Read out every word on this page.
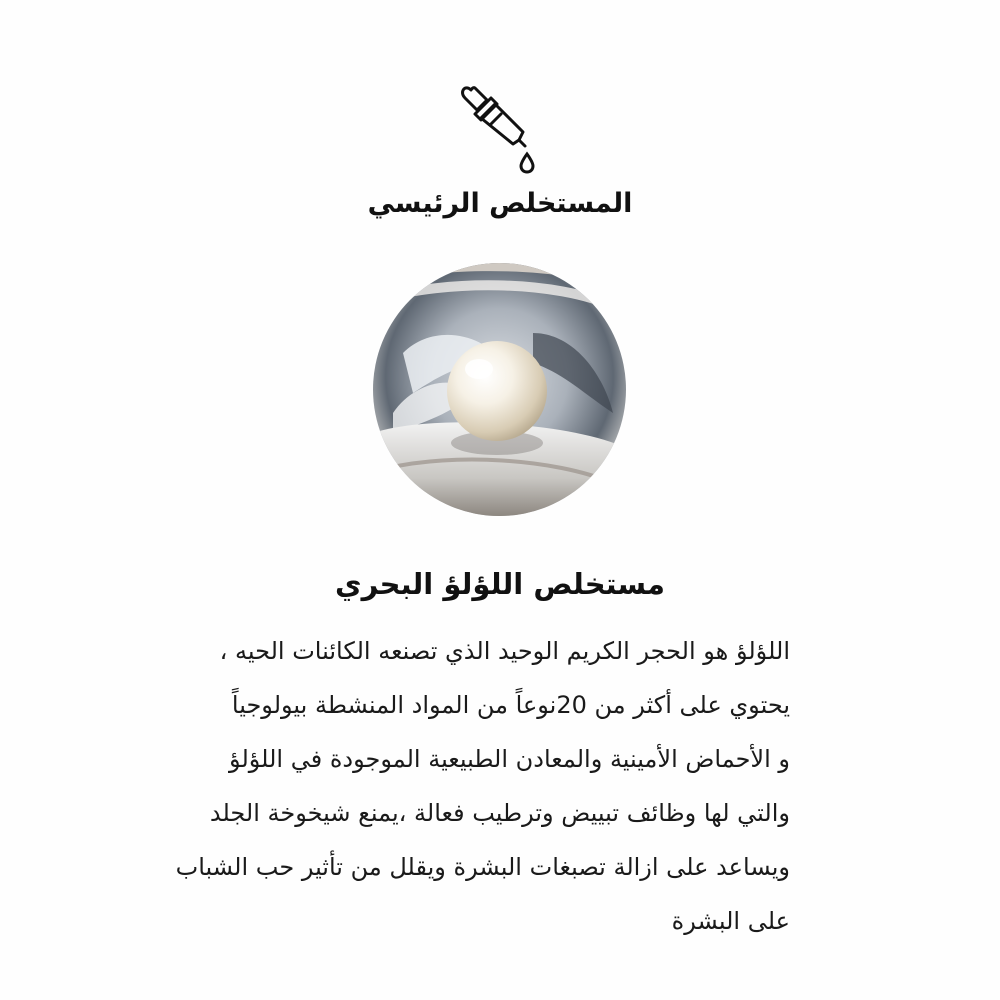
المستخلص الرئيسي
مستخلص اللؤلؤ البحري
اللؤلؤ هو الحجر الكريم الوحيد الذي تصنعه الكائنات الحيه ،
يحتوي على أكثر من 20نوعاً من المواد المنشطة بيولوجياً
و الأحماض الأمينية والمعادن الطبيعية الموجودة في اللؤلؤ
والتي لها وظائف تبييض وترطيب فعالة ،يمنع شيخوخة الجلد
ويساعد على ازالة تصبغات البشرة ويقلل من تأثير حب الشباب
على البشرة
